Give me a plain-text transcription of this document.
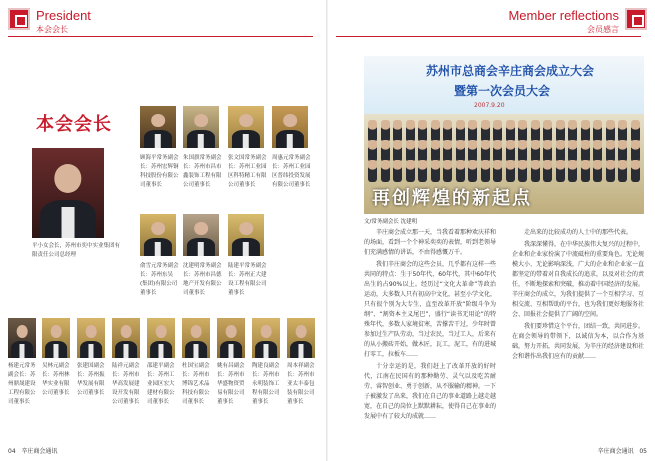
President
本会会长
本会会长
平小女会长，苏州市奕中实业集团有限责任公司总经理
顾海平常务副会长：苏州宏辉铜科技股份有限公司董事长
朱国旗常务副会长：苏州市昌市鑫装饰工程有限公司董事长
张文国常务副会长：苏州工业园区科特精工有限公司董事长
周惠元常务副会长：苏州工业园区普纬投资发展有限公司董事长
俞雪元常务副会长：苏州东吴(集团)有限公司董事长
沈建明常务副会长：苏州市昌德地产开发有限公司董事长
陆建平常务副会长：苏州正大建设工程有限公司董事长
杨建元常务副会长：苏州鼎晟建设工程有限公司董事长
吴林元副会长：苏州林华实业有限公司董事长
张建国副会长：苏州振华发展有限公司董事长
陆祥元副会长：苏州市华高发展建设开发有限公司董事长
邵建平副会长：苏州工业园区宏大建材有限公司董事长
杜国宝副会长：苏州市博锦艺术品科技有限公司董事长
姚有昌副会长：苏州市华盛物资贸易有限公司董事长
陶建良副会长：苏州市永明装饰工程有限公司董事长
周本祥副会长：苏州市亚太丰泰包装有限公司董事长
04 辛庄商会通讯
Member reflections
会员感言
苏州市总商会辛庄商会成立大会
暨第一次会员大会
2007.9.20
再创辉煌的新起点
文/常务副会长 沈建明

辛庄商会成立那一天，当我看着那种欢庆祥和的场面，看到一个个神采奕奕的表情，听到老领导们充满感情的讲话，不由得感慨万千。

我们辛庄商会的这些会员，几乎都有这样一些共同的特点：生于50年代、60年代，其中60年代出生的占90%以上。经历过“文化大革命”等政治运动，大多数人只有初高中文化，甚至小学文化，只有很个别为大专生，直至改革开放“阶级斗争为纲”、“割资本主义尾巴”，盛行“读书无用论”的特殊年代，多数人家境贫寒，苦撑苦干过，少年时曾参加过生产队劳动，当过农民，当过工人，后来有的从小搬砖开始，做木匠，瓦工，泥工，有的进城打零工，拉板车……

十分幸运的是，我们赶上了改革开放的好时代，江南在民国有的那种勤劳、灵气以及吃苦耐劳、睿智创业、勇于创新，从不服输的精神，一下子被激发了出来，我们在自己的事业道路上越走越宽，在自己的岗位上默默耕耘，使得自己在事业的发展中有了较大的成就……

走出来的比较成功的人士中的那些代表。

我深深懂得，在中华民族伟大复兴的过程中，企业和企业家扮演了中流砥柱的重要角色。无论规模大小、无论影响深浅，广大的企业和企业家一直都坚定的带着对自我成长的追求，以及对社会的责任，不断地探索和突破，推动着中国经济的发展。辛庄商会的成立，为我们提供了一个互相学习、互相交流、互相帮助的平台，也为我们更好地服务社会、回报社会提供了广阔的空间。

我们要珍惜这个平台，团结一致，共同进步。在商会领导的带领下，以诚信为本，以合作为基础，努力开拓，共同发展，为辛庄的经济建设和社会和谐作出我们应有的贡献……

辛庄商会通讯 05
